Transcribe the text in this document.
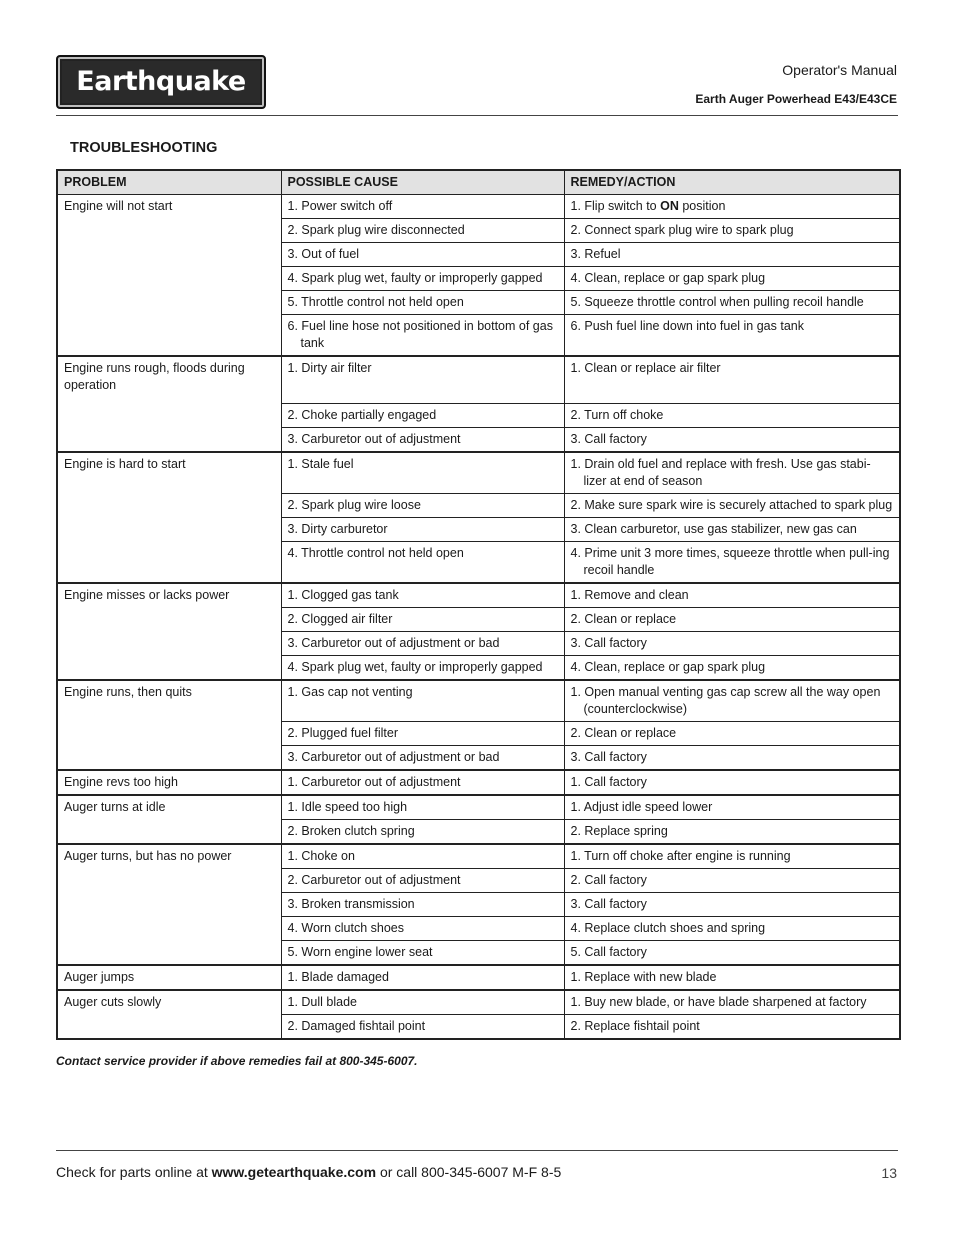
Earthquake	Operator's Manual
Earth Auger Powerhead E43/E43CE
TROUBLESHOOTING
PROBLEM	POSSIBLE CAUSE	REMEDY/ACTION
Engine will not start	1. Power switch off	1. Flip switch to ON position

	2. Spark plug wire disconnected	2. Connect spark plug wire to spark plug

	3. Out of fuel	3. Refuel

	4. Spark plug wet, faulty or improperly gapped	4. Clean, replace or gap spark plug

	5. Throttle control not held open	5. Squeeze throttle control when pulling recoil handle

	6. Fuel line hose not positioned in bottom of gas tank	6. Push fuel line down into fuel in gas tank

Engine runs rough, floods during operation	1. Dirty air filter	1. Clean or replace air filter

	2. Choke partially engaged	2. Turn off choke

	3. Carburetor out of adjustment	3. Call factory

Engine is hard to start	1. Stale fuel	1. Drain old fuel and replace with fresh. Use gas stabi-lizer at end of season

	2. Spark plug wire loose	2. Make sure spark wire is securely attached to spark plug

	3. Dirty carburetor	3. Clean carburetor, use gas stabilizer, new gas can

	4. Throttle control not held open	4. Prime unit 3 more times, squeeze throttle when pull-ing recoil handle

Engine misses or lacks power	1. Clogged gas tank	1. Remove and clean

	2. Clogged air filter	2. Clean or replace

	3. Carburetor out of adjustment or bad	3. Call factory

	4. Spark plug wet, faulty or improperly gapped	4. Clean, replace or gap spark plug

Engine runs, then quits	1. Gas cap not venting	1. Open manual venting gas cap screw all the way open (counterclockwise)

	2. Plugged fuel filter	2. Clean or replace

	3. Carburetor out of adjustment or bad	3. Call factory

Engine revs too high	1. Carburetor out of adjustment	1. Call factory

Auger turns at idle	1. Idle speed too high	1. Adjust idle speed lower

	2. Broken clutch spring	2. Replace spring

Auger turns, but has no power	1. Choke on	1. Turn off choke after engine is running

	2. Carburetor out of adjustment	2. Call factory

	3. Broken transmission	3. Call factory

	4. Worn clutch shoes	4. Replace clutch shoes and spring

	5. Worn engine lower seat	5. Call factory

Auger jumps	1. Blade damaged	1. Replace with new blade

Auger cuts slowly	1. Dull blade	1. Buy new blade, or have blade sharpened at factory

	2. Damaged fishtail point	2. Replace fishtail point
Contact service provider if above remedies fail at 800-345-6007.
Check for parts online at www.getearthquake.com or call 800-345-6007 M-F 8-5	13
